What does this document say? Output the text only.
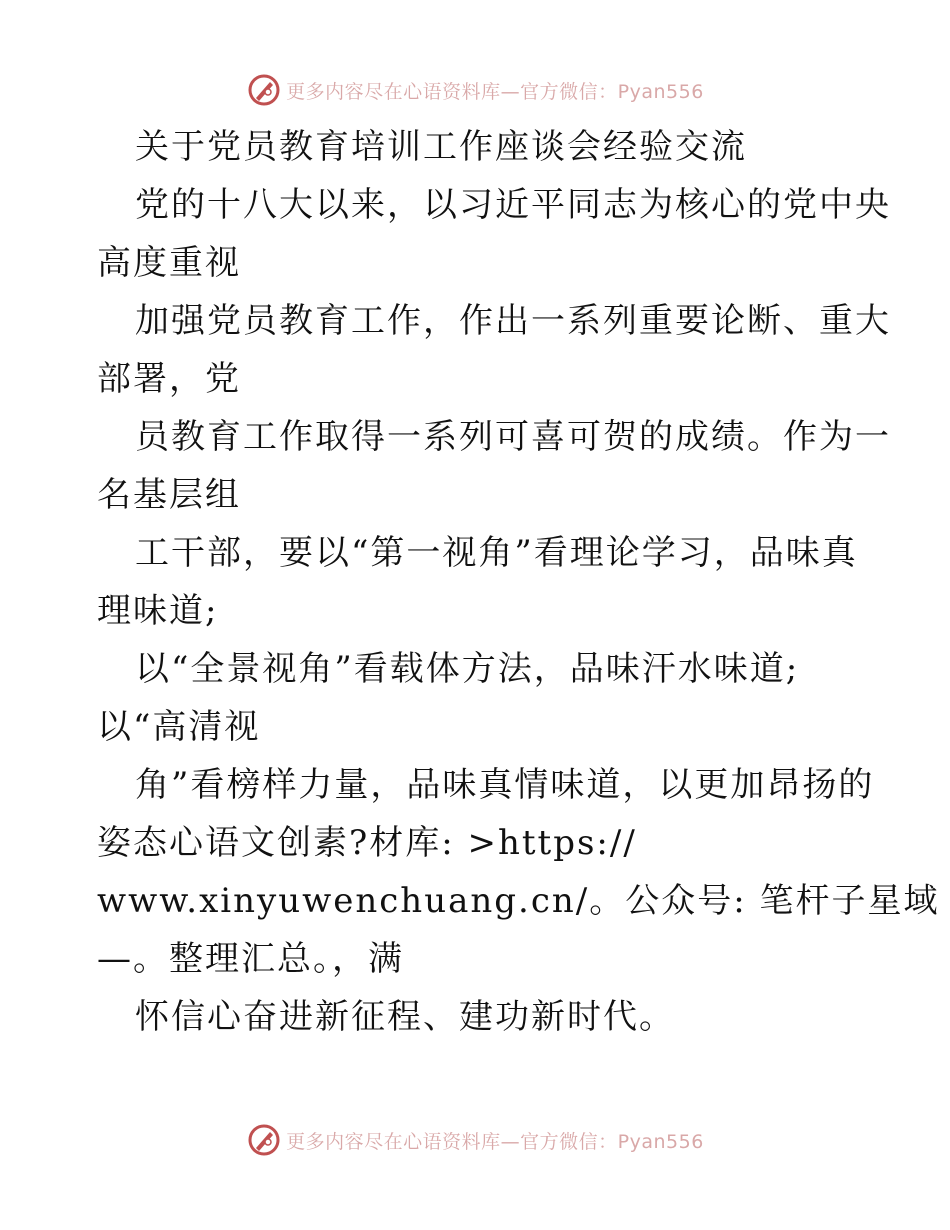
更多内容尽在心语资料库—官方微信：Pyan556
关于党员教育培训工作座谈会经验交流
党的十八大以来，以习近平同志为核心的党中央
高度重视
加强党员教育工作，作出一系列重要论断、重大
部署，党
员教育工作取得一系列可喜可贺的成绩。作为一
名基层组
工干部，要以“第一视角”看理论学习，品味真
理味道;
以“全景视角”看载体方法，品味汗水味道;
以“高清视
角”看榜样力量，品味真情味道，以更加昂扬的
姿态心语文创素?材库: >https://
www.xinyuwenchuang.cn/。公众号: 笔杆子星域
—。整理汇总。，满
怀信心奋进新征程、建功新时代。
更多内容尽在心语资料库—官方微信：Pyan556
